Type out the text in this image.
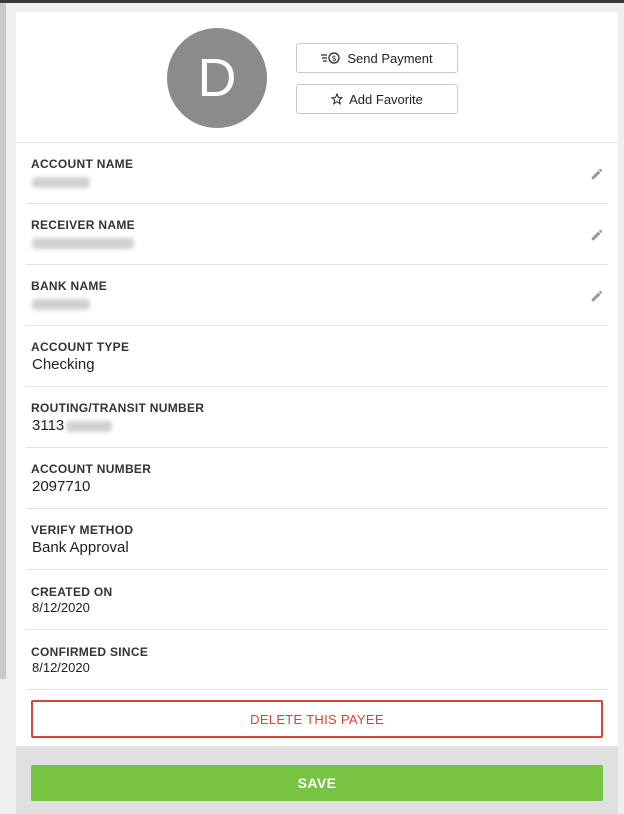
D	$ Send Payment
Add Favorite
ACCOUNT NAME
RECEIVER NAME
BANK NAME
ACCOUNT TYPE
Checking
ROUTING/TRANSIT NUMBER
3113
ACCOUNT NUMBER
2097710
VERIFY METHOD
Bank Approval
CREATED ON
8/12/2020
CONFIRMED SINCE
8/12/2020
DELETE THIS PAYEE
SAVE
